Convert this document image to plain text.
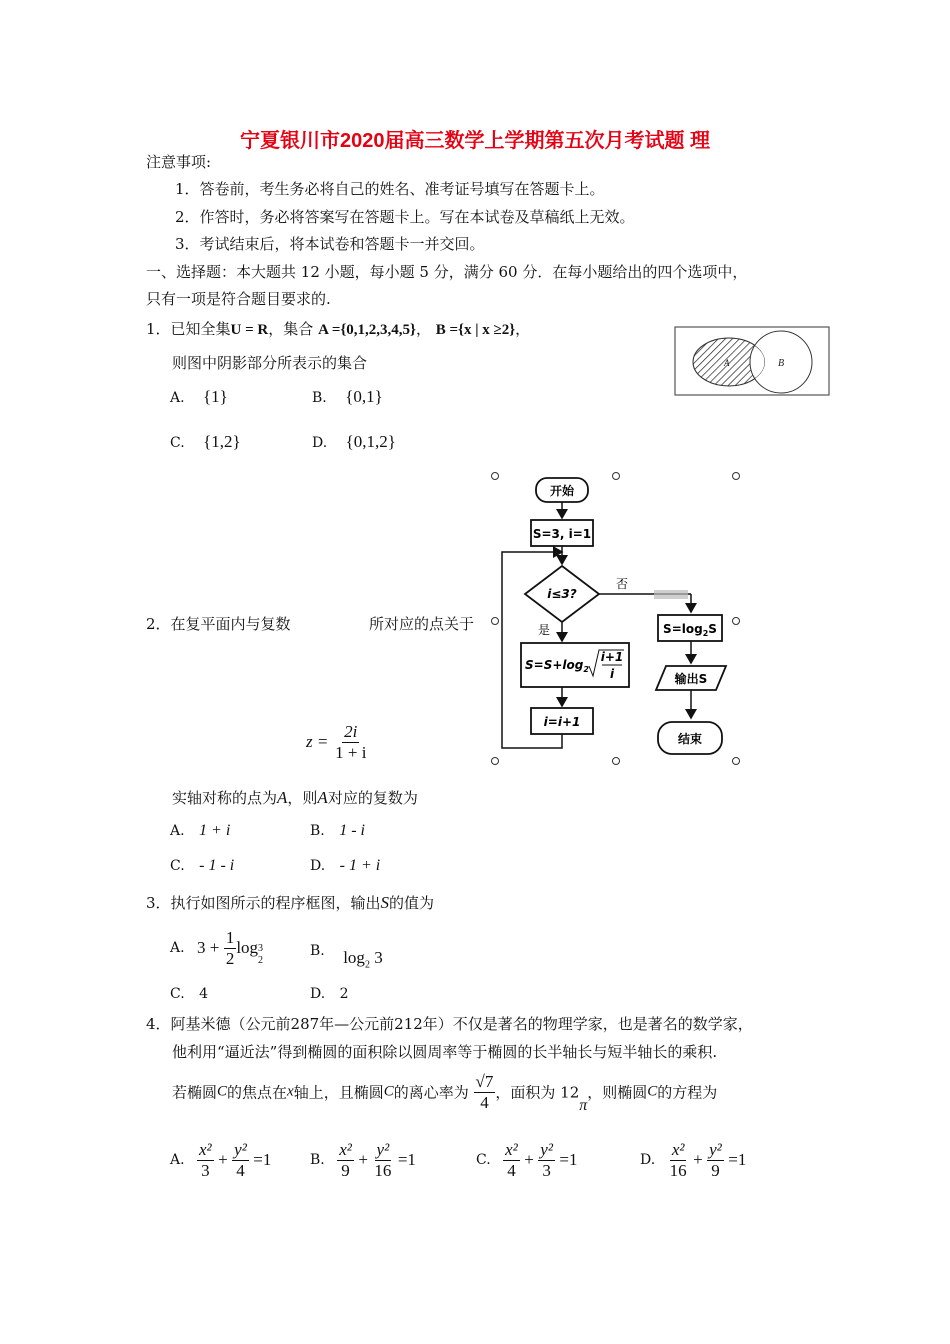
宁夏银川市2020届高三数学上学期第五次月考试题 理
注意事项:
1．答卷前，考生务必将自己的姓名、准考证号填写在答题卡上。
2．作答时，务必将答案写在答题卡上。写在本试卷及草稿纸上无效。
3．考试结束后，将本试卷和答题卡一并交回。
一、选择题：本大题共 12 小题，每小题 5 分，满分 60 分．在每小题给出的四个选项中，
只有一项是符合题目要求的.
1．已知全集U = R，集合 A ={0,1,2,3,4,5}， B ={x | x ≥2}，
则图中阴影部分所表示的集合	A	B
A. {1}	B. {0,1}
C. {1,2}	D. {0,1,2}
开始
S=3, i=1
i≤3?
否
$S=\log_2S$
输出S
结束
是
$S=S+\log_2$
i+1
i
i=i+1
2．在复平面内与复数	所对应的点关于
$z = \frac{2i}{1 + i}$
实轴对称的点为A，则A对应的复数为
A. 1 + i	B. 1 - i
C. - 1 - i	D. - 1 + i
3．执行如图所示的程序框图，输出S的值为
A. $3 + \frac{1}{2}$ log 3
2
B. $\log_2 3$
C. 4	D. 2
4．阿基米德（公元前287年—公元前212年）不仅是著名的物理学家，也是著名的数学家，
他利用“逼近法”得到椭圆的面积除以圆周率等于椭圆的长半轴长与短半轴长的乘积.
若椭圆C的焦点在x轴上，且椭圆C的离心率为 $\frac{√7}{4}$ ，面积为 12π，则椭圆C的方程为
A. $\frac{\text{x²}}{3} + \frac{\text{y²}}{4} =1$	B. $\frac{\text{x²}}{9} + \frac{\text{y²}}{16} =1$	C. $\frac{\text{x²}}{4} + \frac{\text{y²}}{3} =1$	D. $\frac{\text{x²}}{16} + \frac{\text{y²}}{9} =1$
